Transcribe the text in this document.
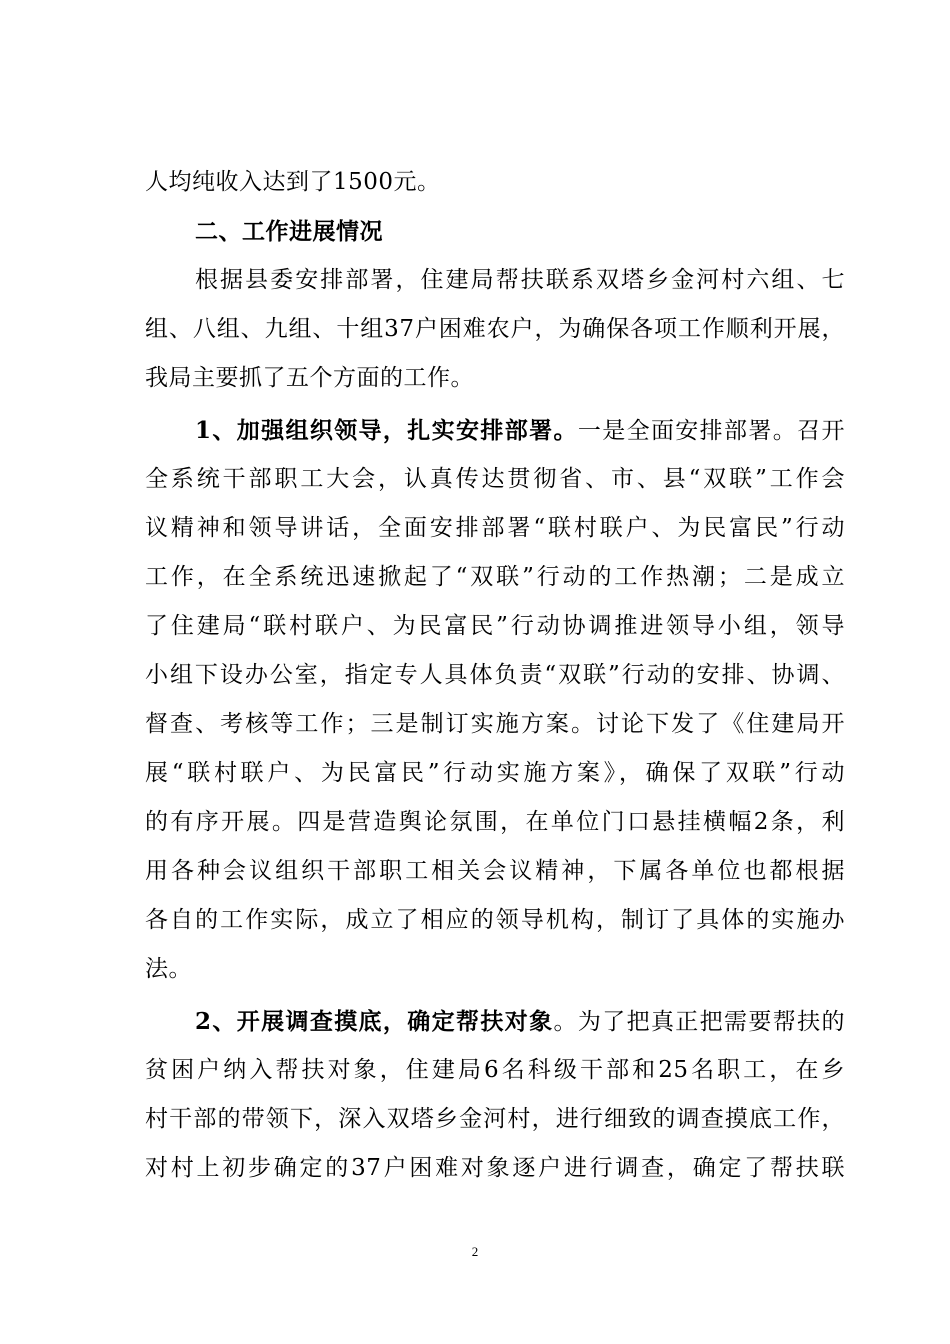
人均纯收入达到了1500元。
二、工作进展情况
根据县委安排部署，住建局帮扶联系双塔乡金河村六组、七
组、八组、九组、十组37户困难农户，为确保各项工作顺利开展，
我局主要抓了五个方面的工作。
1、加强组织领导，扎实安排部署。一是全面安排部署。召开
全系统干部职工大会，认真传达贯彻省、市、县“双联”工作会
议精神和领导讲话，全面安排部署“联村联户、为民富民”行动
工作，在全系统迅速掀起了“双联”行动的工作热潮；二是成立
了住建局“联村联户、为民富民”行动协调推进领导小组，领导
小组下设办公室，指定专人具体负责“双联”行动的安排、协调、
督查、考核等工作；三是制订实施方案。讨论下发了《住建局开
展“联村联户、为民富民”行动实施方案》，确保了双联”行动
的有序开展。四是营造舆论氛围，在单位门口悬挂横幅2条，利
用各种会议组织干部职工相关会议精神，下属各单位也都根据
各自的工作实际，成立了相应的领导机构，制订了具体的实施办
法。
2、开展调查摸底，确定帮扶对象。为了把真正把需要帮扶的
贫困户纳入帮扶对象，住建局6名科级干部和25名职工，在乡
村干部的带领下，深入双塔乡金河村，进行细致的调查摸底工作，
对村上初步确定的37户困难对象逐户进行调查，确定了帮扶联
2
